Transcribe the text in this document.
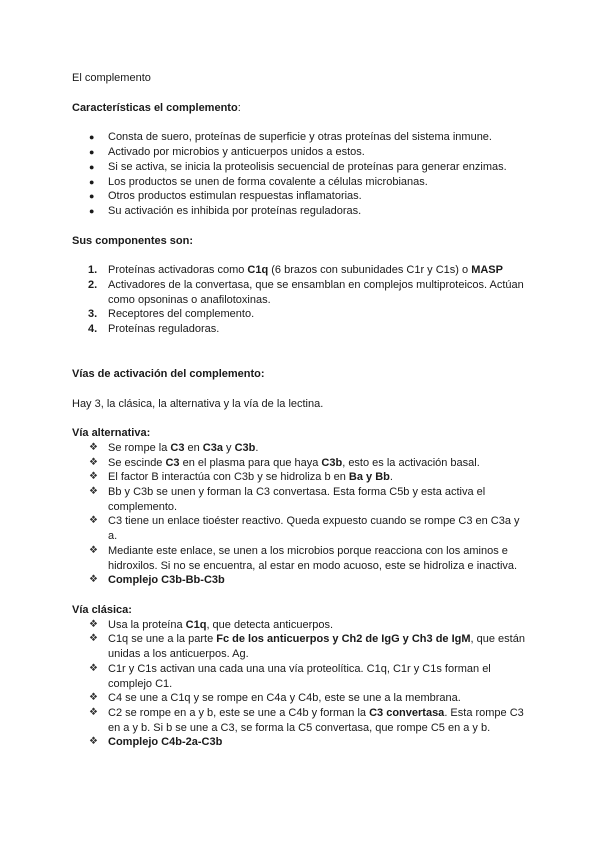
El complemento

Características el complemento:

● Consta de suero, proteínas de superficie y otras proteínas del sistema inmune.
● Activado por microbios y anticuerpos unidos a estos.
● Si se activa, se inicia la proteolisis secuencial de proteínas para generar enzimas.
● Los productos se unen de forma covalente a células microbianas.
● Otros productos estimulan respuestas inflamatorias.
● Su activación es inhibida por proteínas reguladoras.

Sus componentes son:

1. Proteínas activadoras como C1q (6 brazos con subunidades C1r y C1s) o MASP
2. Activadores de la convertasa, que se ensamblan en complejos multiproteicos. Actúan como opsoninas o anafilotoxinas.
3. Receptores del complemento.
4. Proteínas reguladoras.

Vías de activación del complemento:

Hay 3, la clásica, la alternativa y la vía de la lectina.

Vía alternativa:

❖ Se rompe la C3 en C3a y C3b.
❖ Se escinde C3 en el plasma para que haya C3b, esto es la activación basal.
❖ El factor B interactúa con C3b y se hidroliza b en Ba y Bb.
❖ Bb y C3b se unen y forman la C3 convertasa. Esta forma C5b y esta activa el complemento.
❖ C3 tiene un enlace tioéster reactivo. Queda expuesto cuando se rompe C3 en C3a y a.
❖ Mediante este enlace, se unen a los microbios porque reacciona con los aminos e hidroxilos. Si no se encuentra, al estar en modo acuoso, este se hidroliza e inactiva.
❖ Complejo C3b-Bb-C3b

Vía clásica:

❖ Usa la proteína C1q, que detecta anticuerpos.
❖ C1q se une a la parte Fc de los anticuerpos y Ch2 de IgG y Ch3 de IgM, que están unidas a los anticuerpos. Ag.
❖ C1r y C1s activan una cada una una vía proteolítica. C1q, C1r y C1s forman el complejo C1.
❖ C4 se une a C1q y se rompe en C4a y C4b, este se une a la membrana.
❖ C2 se rompe en a y b, este se une a C4b y forman la C3 convertasa. Esta rompe C3 en a y b. Si b se une a C3, se forma la C5 convertasa, que rompe C5 en a y b.
❖ Complejo C4b-2a-C3b
